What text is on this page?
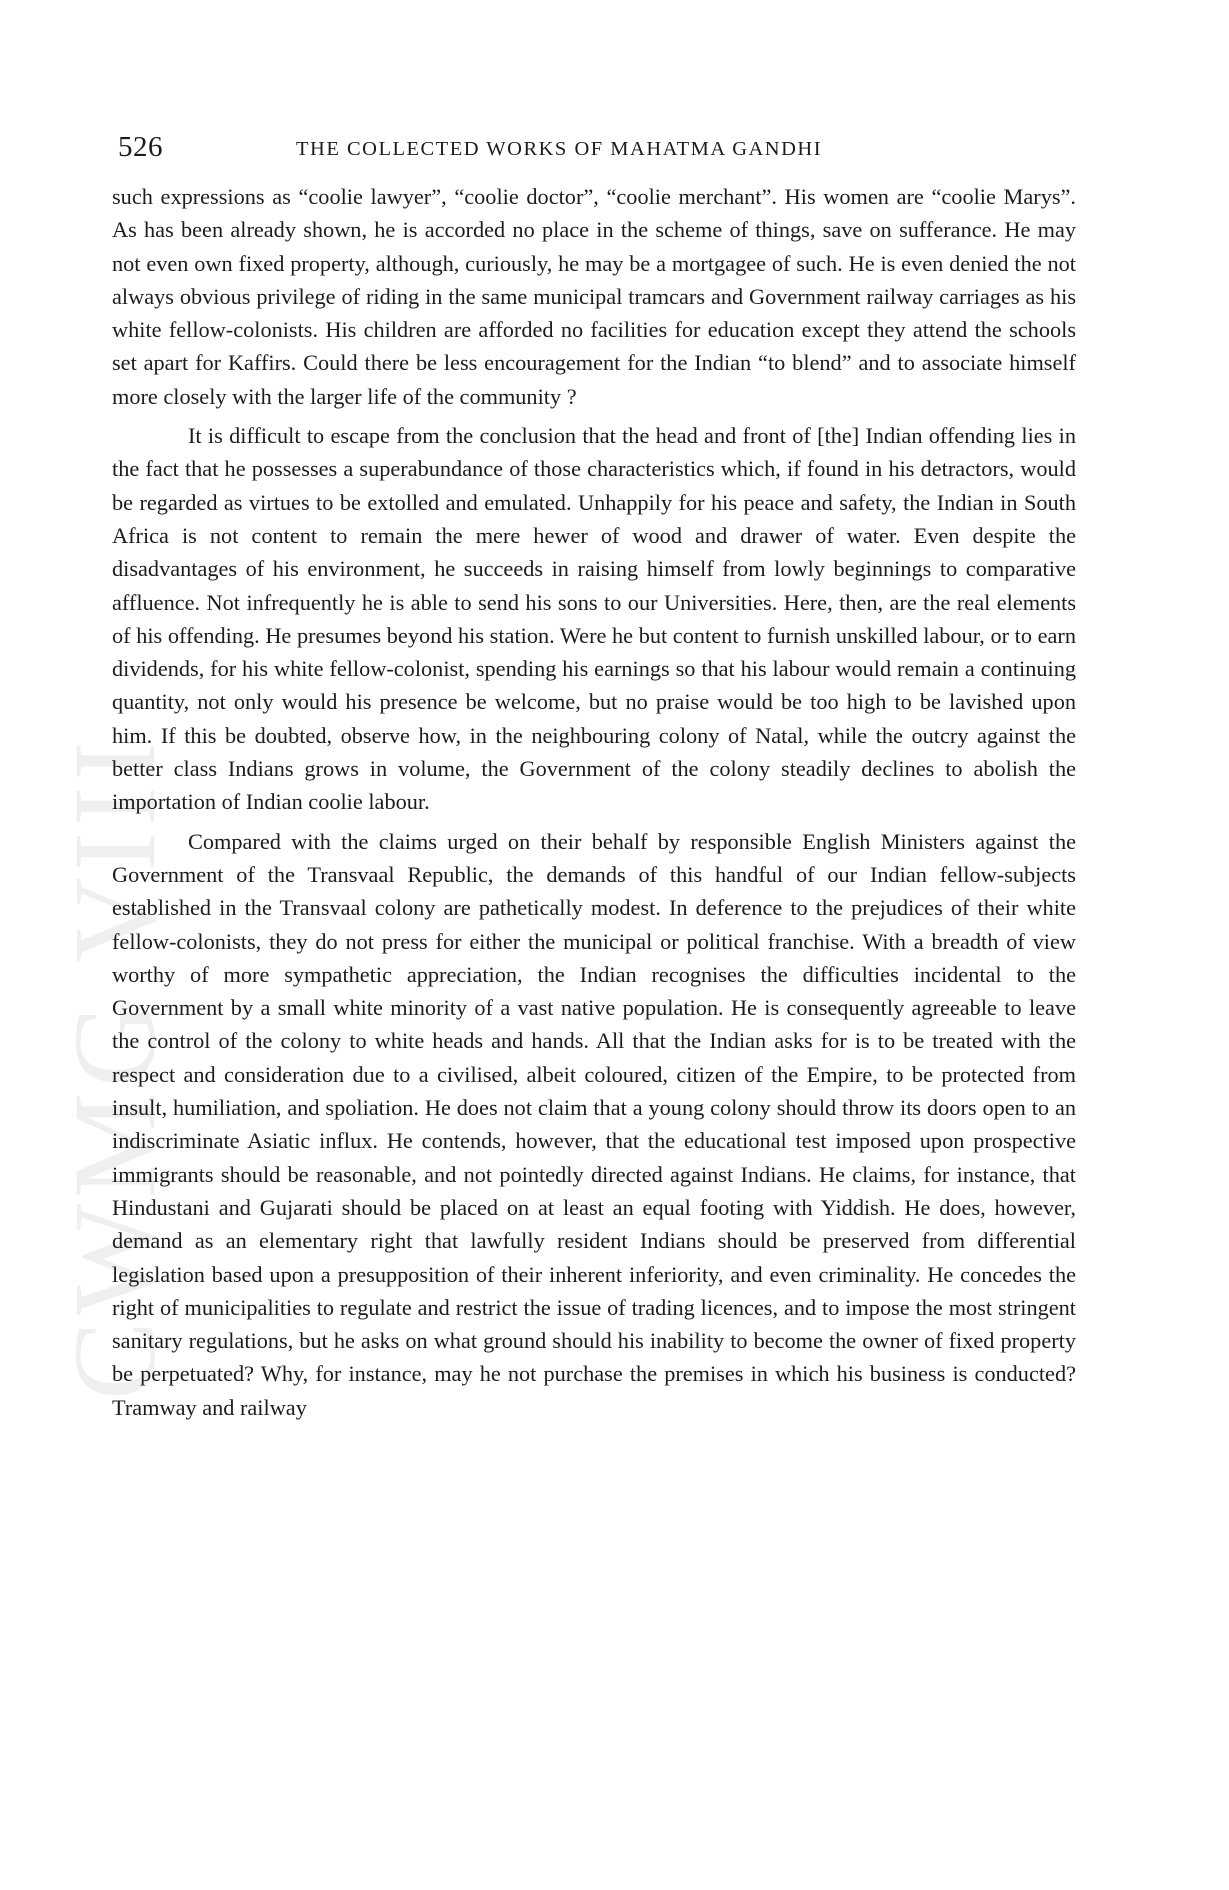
CWMG VIII
526	THE COLLECTED WORKS OF MAHATMA GANDHI

such expressions as “coolie lawyer”, “coolie doctor”, “coolie merchant”. His women are “coolie Marys”. As has been already shown, he is accorded no place in the scheme of things, save on sufferance. He may not even own fixed property, although, curiously, he may be a mortgagee of such. He is even denied the not always obvious privilege of riding in the same municipal tramcars and Government railway carriages as his white fellow-colonists. His children are afforded no facilities for education except they attend the schools set apart for Kaffirs. Could there be less encouragement for the Indian “to blend” and to associate himself more closely with the larger life of the community ?

It is difficult to escape from the conclusion that the head and front of [the] Indian offending lies in the fact that he possesses a superabundance of those characteristics which, if found in his detractors, would be regarded as virtues to be extolled and emulated. Unhappily for his peace and safety, the Indian in South Africa is not content to remain the mere hewer of wood and drawer of water. Even despite the disadvantages of his environment, he succeeds in raising himself from lowly beginnings to comparative affluence. Not infrequently he is able to send his sons to our Universities. Here, then, are the real elements of his offending. He presumes beyond his station. Were he but content to furnish unskilled labour, or to earn dividends, for his white fellow-colonist, spending his earnings so that his labour would remain a continuing quantity, not only would his presence be welcome, but no praise would be too high to be lavished upon him. If this be doubted, observe how, in the neighbouring colony of Natal, while the outcry against the better class Indians grows in volume, the Government of the colony steadily declines to abolish the importation of Indian coolie labour.

Compared with the claims urged on their behalf by responsible English Ministers against the Government of the Transvaal Republic, the demands of this handful of our Indian fellow-subjects established in the Transvaal colony are pathetically modest. In deference to the prejudices of their white fellow-colonists, they do not press for either the municipal or political franchise. With a breadth of view worthy of more sympathetic appreciation, the Indian recognises the difficulties incidental to the Government by a small white minority of a vast native population. He is consequently agreeable to leave the control of the colony to white heads and hands. All that the Indian asks for is to be treated with the respect and consideration due to a civilised, albeit coloured, citizen of the Empire, to be protected from insult, humiliation, and spoliation. He does not claim that a young colony should throw its doors open to an indiscriminate Asiatic influx. He contends, however, that the educational test imposed upon prospective immigrants should be reasonable, and not pointedly directed against Indians. He claims, for instance, that Hindustani and Gujarati should be placed on at least an equal footing with Yiddish. He does, however, demand as an elementary right that lawfully resident Indians should be preserved from differential legislation based upon a presupposition of their inherent inferiority, and even criminality. He concedes the right of municipalities to regulate and restrict the issue of trading licences, and to impose the most stringent sanitary regulations, but he asks on what ground should his inability to become the owner of fixed property be perpetuated? Why, for instance, may he not purchase the premises in which his business is conducted? Tramway and railway
